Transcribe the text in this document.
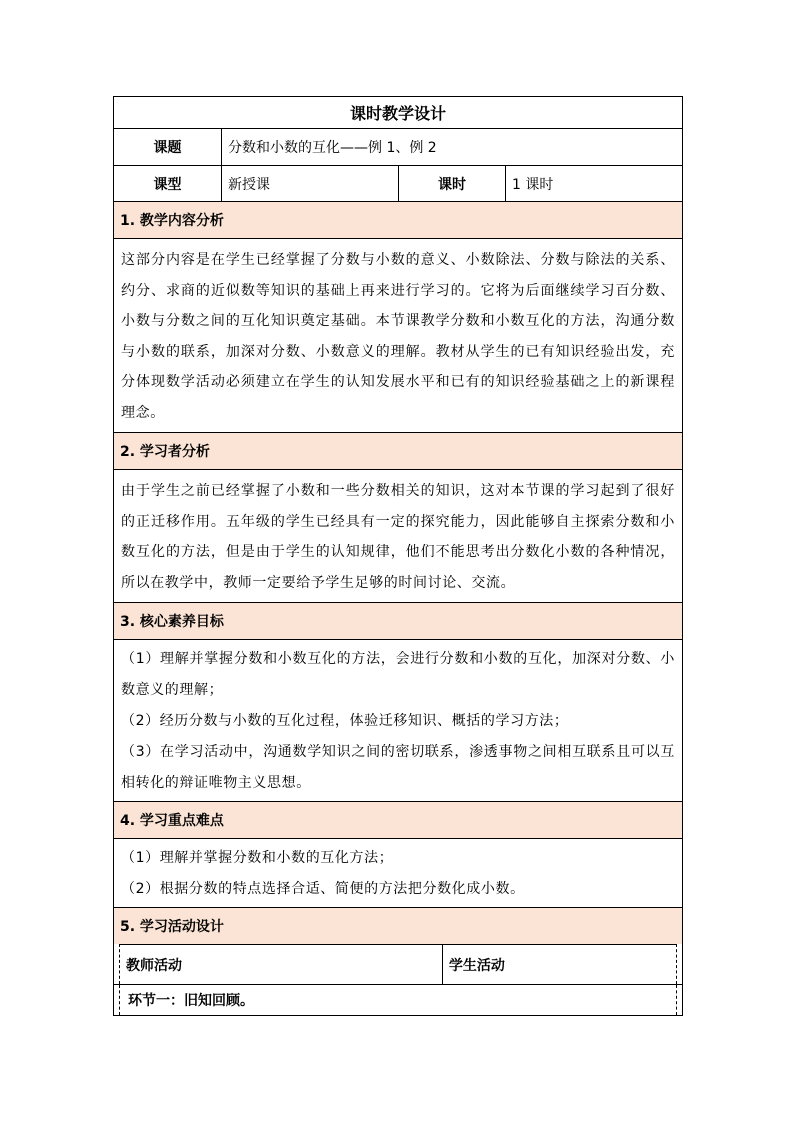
课时教学设计
课题	分数和小数的互化——例 1、例 2
课型	新授课	课时	1 课时
1. 教学内容分析
这部分内容是在学生已经掌握了分数与小数的意义、小数除法、分数与除法的关系、约分、求商的近似数等知识的基础上再来进行学习的。它将为后面继续学习百分数、小数与分数之间的互化知识奠定基础。本节课教学分数和小数互化的方法，沟通分数与小数的联系，加深对分数、小数意义的理解。教材从学生的已有知识经验出发，充分体现数学活动必须建立在学生的认知发展水平和已有的知识经验基础之上的新课程理念。
2. 学习者分析
由于学生之前已经掌握了小数和一些分数相关的知识，这对本节课的学习起到了很好的正迁移作用。五年级的学生已经具有一定的探究能力，因此能够自主探索分数和小数互化的方法，但是由于学生的认知规律，他们不能思考出分数化小数的各种情况，所以在教学中，教师一定要给予学生足够的时间讨论、交流。
3. 核心素养目标
（1）理解并掌握分数和小数互化的方法，会进行分数和小数的互化，加深对分数、小数意义的理解；
（2）经历分数与小数的互化过程，体验迁移知识、概括的学习方法；
（3）在学习活动中，沟通数学知识之间的密切联系，渗透事物之间相互联系且可以互相转化的辩证唯物主义思想。
4. 学习重点难点
（1）理解并掌握分数和小数的互化方法；
（2）根据分数的特点选择合适、简便的方法把分数化成小数。
5. 学习活动设计
教师活动	学生活动
环节一：旧知回顾。
